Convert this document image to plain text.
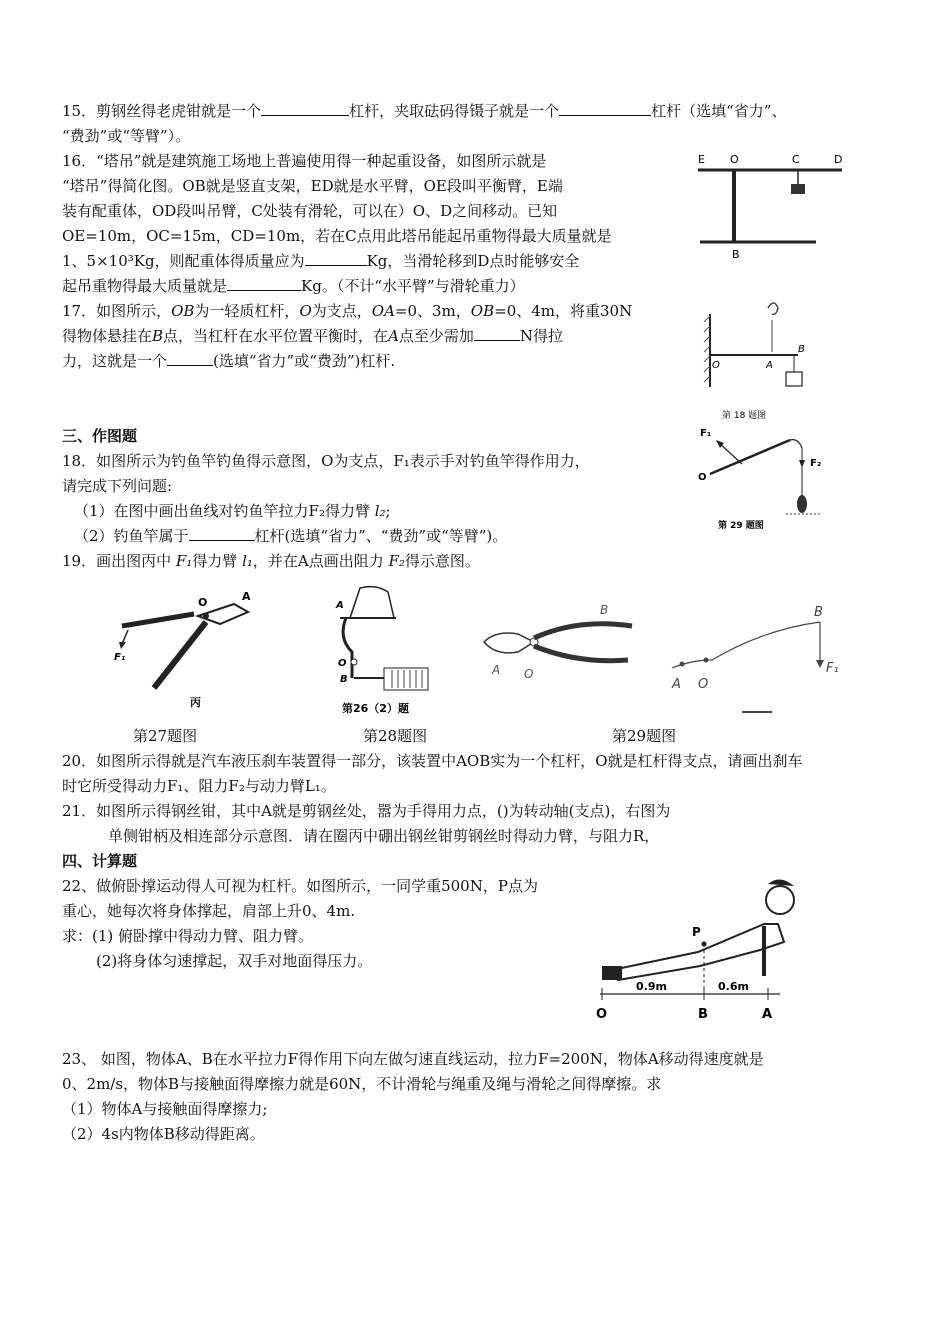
15．剪钢丝得老虎钳就是一个	杠杆，夹取砝码得镊子就是一个	杠杆（选填“省力”、
“费劲”或“等臂”）。
16．“塔吊”就是建筑施工场地上普遍使用得一种起重设备，如图所示就是
“塔吊”得简化图。OB就是竖直支架，ED就是水平臂，OE段叫平衡臂，E端
装有配重体，OD段叫吊臂，C处装有滑轮，可以在）O、D之间移动。已知
OE=10m，OC=15m，CD=10m，若在C点用此塔吊能起吊重物得最大质量就是
1、5×10³Kg，则配重体得质量应为	Kg，当滑轮移到D点时能够安全
起吊重物得最大质量就是	Kg。（不计“水平臂”与滑轮重力）
17．如图所示，OB为一轻质杠杆，O为支点，OA=0、3m，OB=0、4m，将重30N
得物体悬挂在B点，当杠杆在水平位置平衡时，在A点至少需加	N得拉
力，这就是一个	(选填“省力”或“费劲”)杠杆.
三、作图题
18．如图所示为钓鱼竿钓鱼得示意图，O为支点，F₁表示手对钓鱼竿得作用力，
请完成下列问题:
（1）在图中画出鱼线对钓鱼竿拉力F₂得力臂 l₂;
（2）钓鱼竿属于	杠杆(选填“省力”、“费劲”或“等臂”)。
19．画出图丙中 F₁得力臂 l₁，并在A点画出阻力 F₂得示意图。
第27题图	第28题图	第29题图
20．如图所示得就是汽车液压刹车装置得一部分，该装置中AOB实为一个杠杆，O就是杠杆得支点，请画出刹车
时它所受得动力F₁、阻力F₂与动力臂L₁。
21．如图所示得钢丝钳，其中A就是剪钢丝处，嚣为手得用力点，()为转动轴(支点)，右图为
单侧钳柄及相连部分示意图．请在圈丙中硼出钢丝钳剪钢丝时得动力臂，与阻力R，
四、计算题
22、做俯卧撑运动得人可视为杠杆。如图所示，一同学重500N，P点为
重心，她每次将身体撑起，肩部上升0、4m.
求：(1) 俯卧撑中得动力臂、阻力臂。
(2)将身体匀速撑起，双手对地面得压力。
23、 如图，物体A、B在水平拉力F得作用下向左做匀速直线运动，拉力F=200N，物体A移动得速度就是
0、2m/s，物体B与接触面得摩擦力就是60N，不计滑轮与绳重及绳与滑轮之间得摩擦。求
（1）物体A与接触面得摩擦力;
（2）4s内物体B移动得距离。
E O	C	D
B
O	A
B
第 18 题图
F₁
F₂
O
第 29 题图
O	A
F₁
丙
A
O
B
第26（2）题
A O
B
A O
B
F₁
P
0.9m	0.6m
O	B	A
